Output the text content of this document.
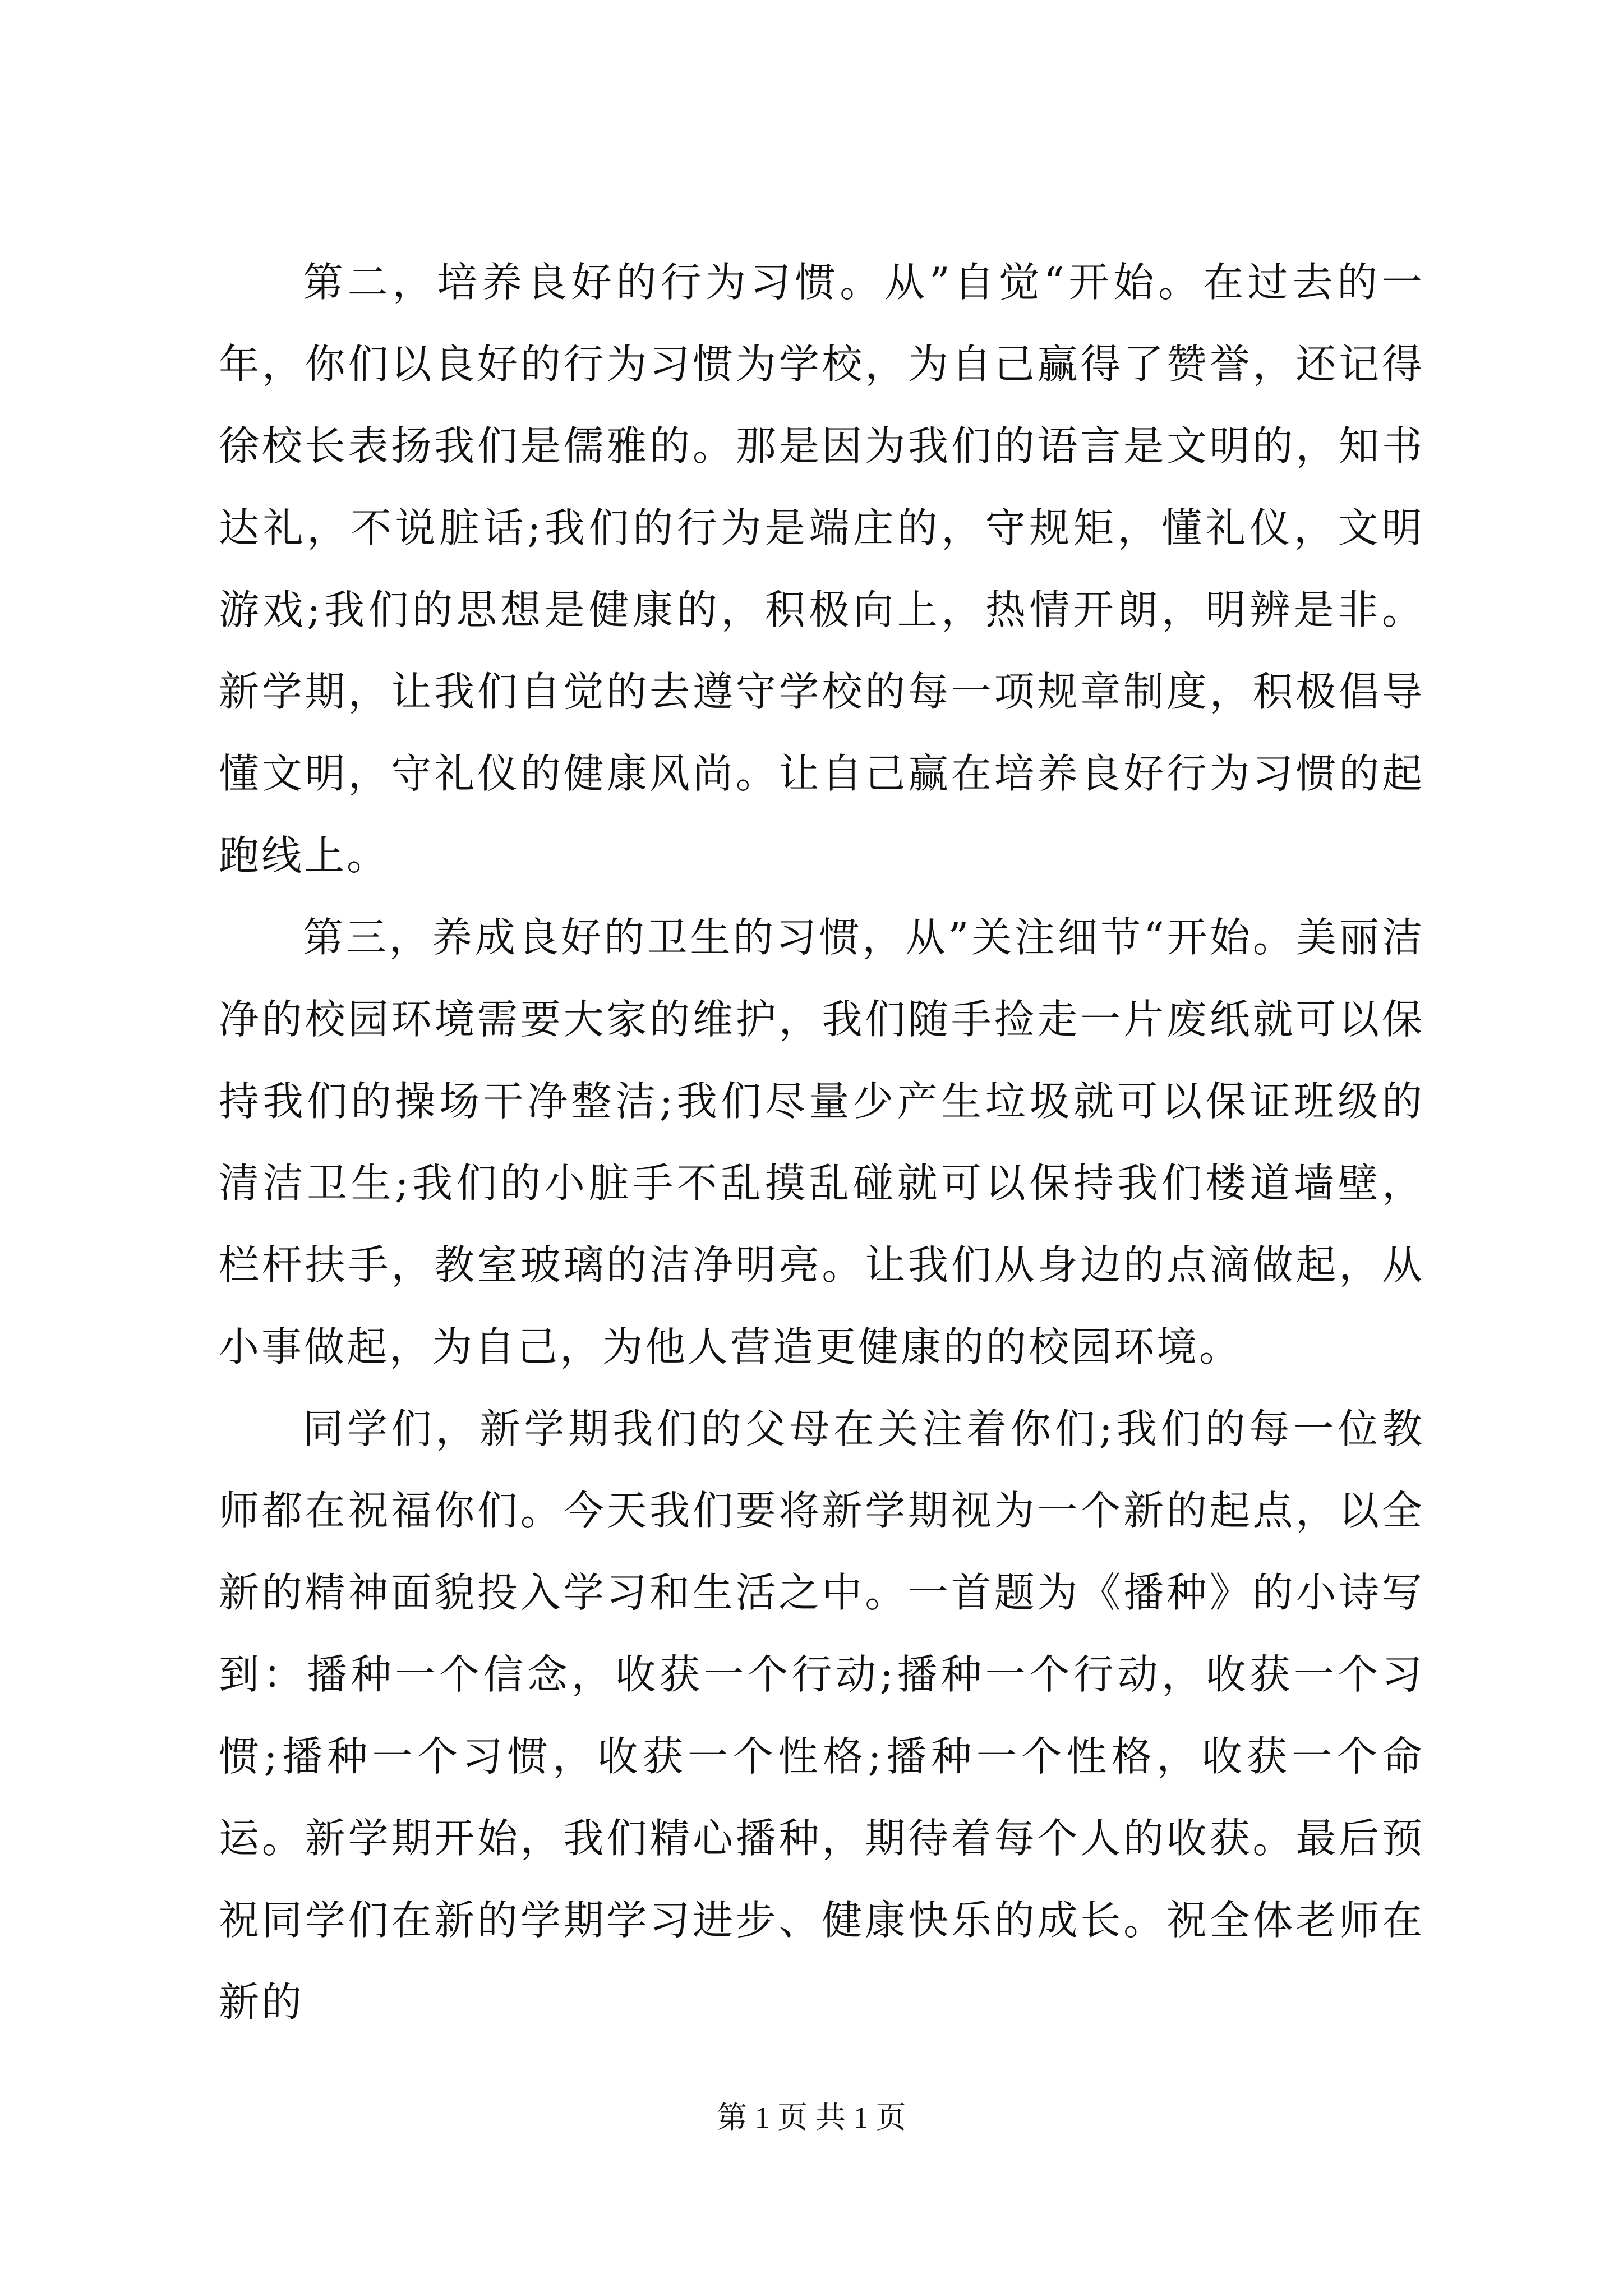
第二，培养良好的行为习惯。从”自觉“开始。在过去的一年，你们以良好的行为习惯为学校，为自己赢得了赞誉，还记得徐校长表扬我们是儒雅的。那是因为我们的语言是文明的，知书达礼，不说脏话;我们的行为是端庄的，守规矩，懂礼仪，文明游戏;我们的思想是健康的，积极向上，热情开朗，明辨是非。新学期，让我们自觉的去遵守学校的每一项规章制度，积极倡导懂文明，守礼仪的健康风尚。让自己赢在培养良好行为习惯的起跑线上。

第三，养成良好的卫生的习惯，从”关注细节“开始。美丽洁净的校园环境需要大家的维护，我们随手捡走一片废纸就可以保持我们的操场干净整洁;我们尽量少产生垃圾就可以保证班级的清洁卫生;我们的小脏手不乱摸乱碰就可以保持我们楼道墙壁，栏杆扶手，教室玻璃的洁净明亮。让我们从身边的点滴做起，从小事做起，为自己，为他人营造更健康的的校园环境。

同学们，新学期我们的父母在关注着你们;我们的每一位教师都在祝福你们。今天我们要将新学期视为一个新的起点，以全新的精神面貌投入学习和生活之中。一首题为《播种》的小诗写到：播种一个信念，收获一个行动;播种一个行动，收获一个习惯;播种一个习惯，收获一个性格;播种一个性格，收获一个命运。新学期开始，我们精心播种，期待着每个人的收获。最后预祝同学们在新的学期学习进步、健康快乐的成长。祝全体老师在新的

第 1 页 共 1 页
